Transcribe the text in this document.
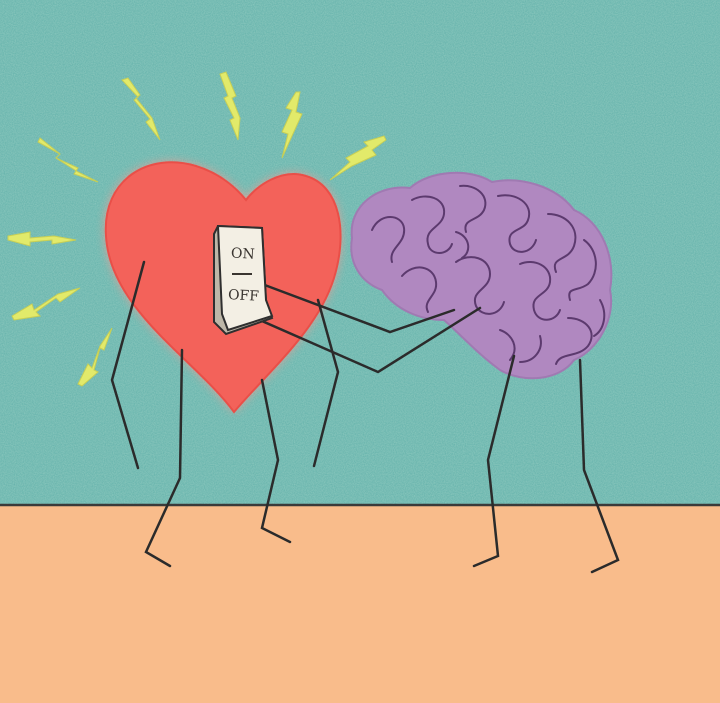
ON
OFF
